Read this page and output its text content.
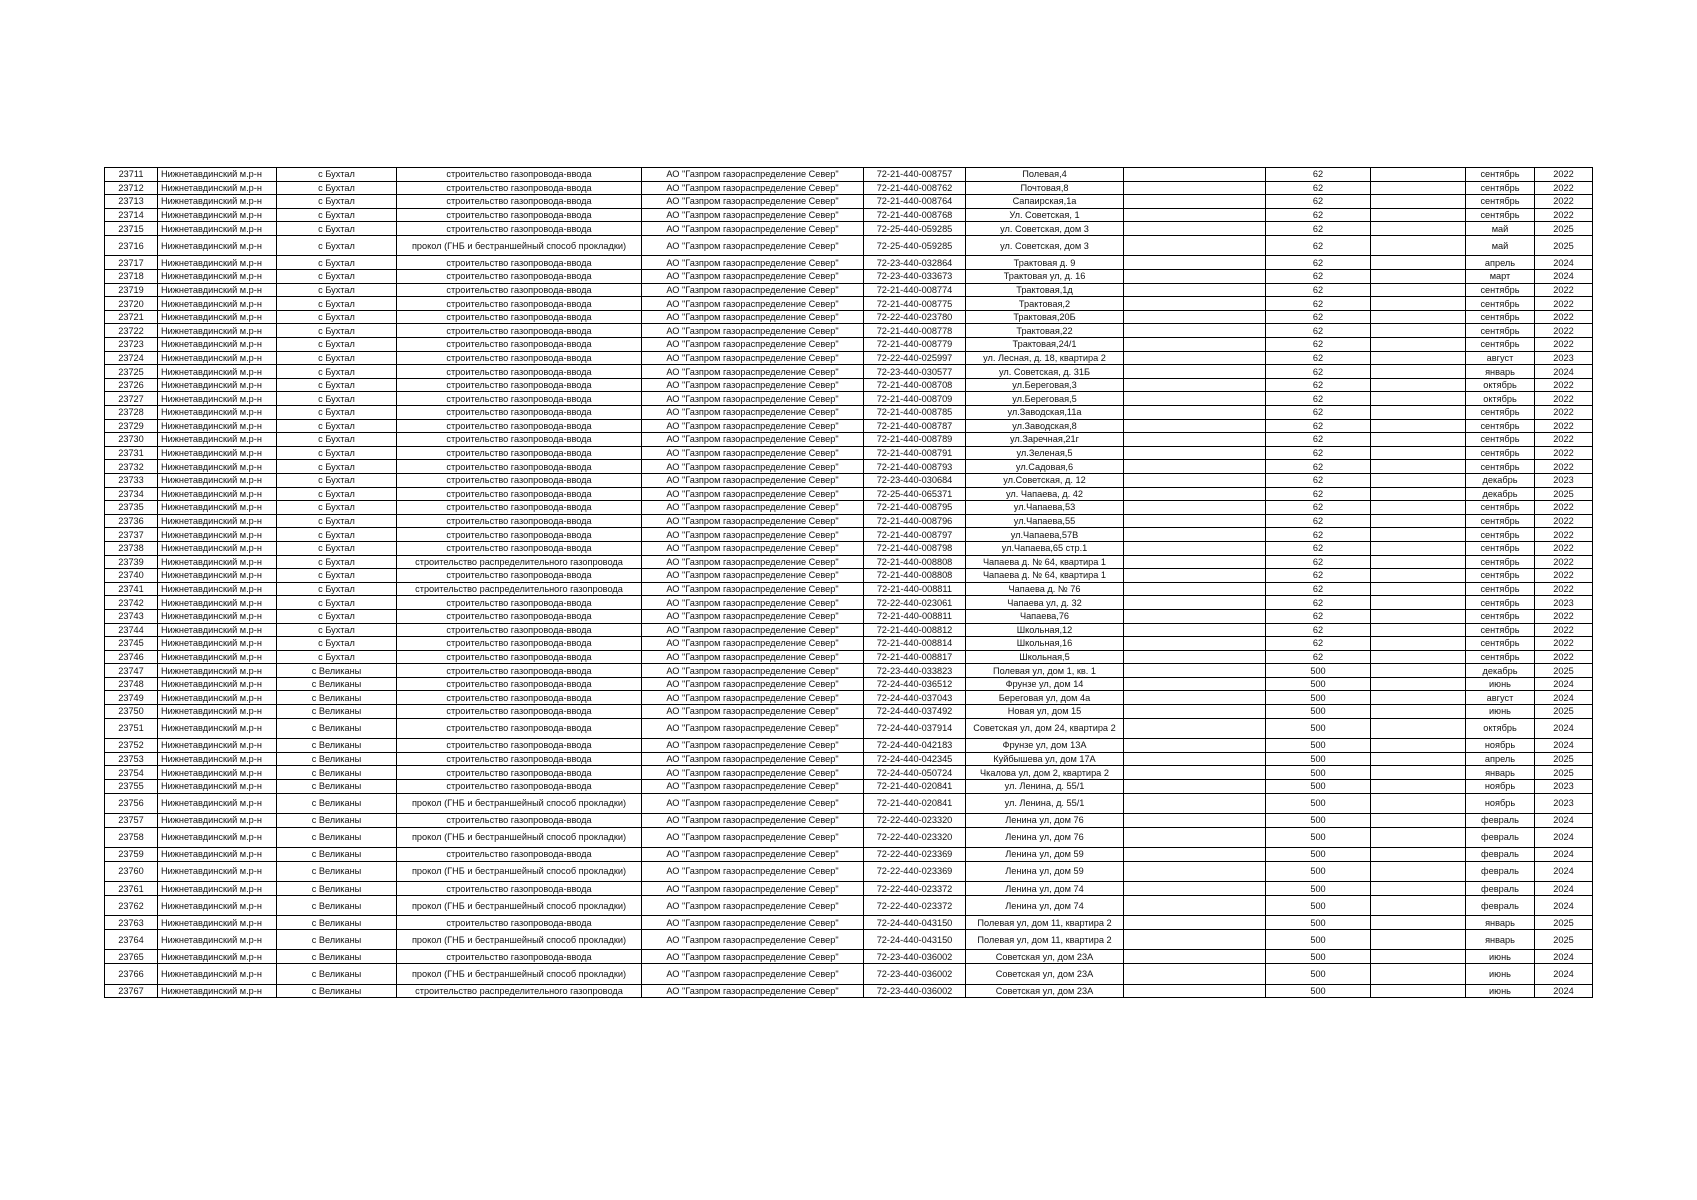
23711	Нижнетавдинский м.р-н	с Бухтал	строительство газопровода-ввода	АО "Газпром газораспределение Север"	72-21-440-008757	Полевая,4		62		сентябрь	2022
23712	Нижнетавдинский м.р-н	с Бухтал	строительство газопровода-ввода	АО "Газпром газораспределение Север"	72-21-440-008762	Почтовая,8		62		сентябрь	2022
23713	Нижнетавдинский м.р-н	с Бухтал	строительство газопровода-ввода	АО "Газпром газораспределение Север"	72-21-440-008764	Сапаирская,1а		62		сентябрь	2022
23714	Нижнетавдинский м.р-н	с Бухтал	строительство газопровода-ввода	АО "Газпром газораспределение Север"	72-21-440-008768	Ул. Советская, 1		62		сентябрь	2022
23715	Нижнетавдинский м.р-н	с Бухтал	строительство газопровода-ввода	АО "Газпром газораспределение Север"	72-25-440-059285	ул. Советская, дом 3		62		май	2025
23716	Нижнетавдинский м.р-н	с Бухтал	прокол (ГНБ и бестраншейный способ прокладки)	АО "Газпром газораспределение Север"	72-25-440-059285	ул. Советская, дом 3		62		май	2025
23717	Нижнетавдинский м.р-н	с Бухтал	строительство газопровода-ввода	АО "Газпром газораспределение Север"	72-23-440-032864	Трактовая д. 9		62		апрель	2024
23718	Нижнетавдинский м.р-н	с Бухтал	строительство газопровода-ввода	АО "Газпром газораспределение Север"	72-23-440-033673	Трактовая ул, д. 16		62		март	2024
23719	Нижнетавдинский м.р-н	с Бухтал	строительство газопровода-ввода	АО "Газпром газораспределение Север"	72-21-440-008774	Трактовая,1д		62		сентябрь	2022
23720	Нижнетавдинский м.р-н	с Бухтал	строительство газопровода-ввода	АО "Газпром газораспределение Север"	72-21-440-008775	Трактовая,2		62		сентябрь	2022
23721	Нижнетавдинский м.р-н	с Бухтал	строительство газопровода-ввода	АО "Газпром газораспределение Север"	72-22-440-023780	Трактовая,20Б		62		сентябрь	2022
23722	Нижнетавдинский м.р-н	с Бухтал	строительство газопровода-ввода	АО "Газпром газораспределение Север"	72-21-440-008778	Трактовая,22		62		сентябрь	2022
23723	Нижнетавдинский м.р-н	с Бухтал	строительство газопровода-ввода	АО "Газпром газораспределение Север"	72-21-440-008779	Трактовая,24/1		62		сентябрь	2022
23724	Нижнетавдинский м.р-н	с Бухтал	строительство газопровода-ввода	АО "Газпром газораспределение Север"	72-22-440-025997	ул. Лесная, д. 18, квартира 2		62		август	2023
23725	Нижнетавдинский м.р-н	с Бухтал	строительство газопровода-ввода	АО "Газпром газораспределение Север"	72-23-440-030577	ул. Советская, д. 31Б		62		январь	2024
23726	Нижнетавдинский м.р-н	с Бухтал	строительство газопровода-ввода	АО "Газпром газораспределение Север"	72-21-440-008708	ул.Береговая,3		62		октябрь	2022
23727	Нижнетавдинский м.р-н	с Бухтал	строительство газопровода-ввода	АО "Газпром газораспределение Север"	72-21-440-008709	ул.Береговая,5		62		октябрь	2022
23728	Нижнетавдинский м.р-н	с Бухтал	строительство газопровода-ввода	АО "Газпром газораспределение Север"	72-21-440-008785	ул.Заводская,11а		62		сентябрь	2022
23729	Нижнетавдинский м.р-н	с Бухтал	строительство газопровода-ввода	АО "Газпром газораспределение Север"	72-21-440-008787	ул.Заводская,8		62		сентябрь	2022
23730	Нижнетавдинский м.р-н	с Бухтал	строительство газопровода-ввода	АО "Газпром газораспределение Север"	72-21-440-008789	ул.Заречная,21г		62		сентябрь	2022
23731	Нижнетавдинский м.р-н	с Бухтал	строительство газопровода-ввода	АО "Газпром газораспределение Север"	72-21-440-008791	ул.Зеленая,5		62		сентябрь	2022
23732	Нижнетавдинский м.р-н	с Бухтал	строительство газопровода-ввода	АО "Газпром газораспределение Север"	72-21-440-008793	ул.Садовая,6		62		сентябрь	2022
23733	Нижнетавдинский м.р-н	с Бухтал	строительство газопровода-ввода	АО "Газпром газораспределение Север"	72-23-440-030684	ул.Советская, д. 12		62		декабрь	2023
23734	Нижнетавдинский м.р-н	с Бухтал	строительство газопровода-ввода	АО "Газпром газораспределение Север"	72-25-440-065371	ул. Чапаева, д. 42		62		декабрь	2025
23735	Нижнетавдинский м.р-н	с Бухтал	строительство газопровода-ввода	АО "Газпром газораспределение Север"	72-21-440-008795	ул.Чапаева,53		62		сентябрь	2022
23736	Нижнетавдинский м.р-н	с Бухтал	строительство газопровода-ввода	АО "Газпром газораспределение Север"	72-21-440-008796	ул.Чапаева,55		62		сентябрь	2022
23737	Нижнетавдинский м.р-н	с Бухтал	строительство газопровода-ввода	АО "Газпром газораспределение Север"	72-21-440-008797	ул.Чапаева,57В		62		сентябрь	2022
23738	Нижнетавдинский м.р-н	с Бухтал	строительство газопровода-ввода	АО "Газпром газораспределение Север"	72-21-440-008798	ул.Чапаева,65 стр.1		62		сентябрь	2022
23739	Нижнетавдинский м.р-н	с Бухтал	строительство распределительного газопровода	АО "Газпром газораспределение Север"	72-21-440-008808	Чапаева д. № 64, квартира 1		62		сентябрь	2022
23740	Нижнетавдинский м.р-н	с Бухтал	строительство газопровода-ввода	АО "Газпром газораспределение Север"	72-21-440-008808	Чапаева д. № 64, квартира 1		62		сентябрь	2022
23741	Нижнетавдинский м.р-н	с Бухтал	строительство распределительного газопровода	АО "Газпром газораспределение Север"	72-21-440-008811	Чапаева д. № 76		62		сентябрь	2022
23742	Нижнетавдинский м.р-н	с Бухтал	строительство газопровода-ввода	АО "Газпром газораспределение Север"	72-22-440-023061	Чапаева ул, д. 32		62		сентябрь	2023
23743	Нижнетавдинский м.р-н	с Бухтал	строительство газопровода-ввода	АО "Газпром газораспределение Север"	72-21-440-008811	Чапаева,76		62		сентябрь	2022
23744	Нижнетавдинский м.р-н	с Бухтал	строительство газопровода-ввода	АО "Газпром газораспределение Север"	72-21-440-008812	Школьная,12		62		сентябрь	2022
23745	Нижнетавдинский м.р-н	с Бухтал	строительство газопровода-ввода	АО "Газпром газораспределение Север"	72-21-440-008814	Школьная,16		62		сентябрь	2022
23746	Нижнетавдинский м.р-н	с Бухтал	строительство газопровода-ввода	АО "Газпром газораспределение Север"	72-21-440-008817	Школьная,5		62		сентябрь	2022
23747	Нижнетавдинский м.р-н	с Великаны	строительство газопровода-ввода	АО "Газпром газораспределение Север"	72-23-440-033823	Полевая ул, дом 1, кв. 1		500		декабрь	2025
23748	Нижнетавдинский м.р-н	с Великаны	строительство газопровода-ввода	АО "Газпром газораспределение Север"	72-24-440-036512	Фрунзе ул, дом 14		500		июнь	2024
23749	Нижнетавдинский м.р-н	с Великаны	строительство газопровода-ввода	АО "Газпром газораспределение Север"	72-24-440-037043	Береговая ул, дом 4а		500		август	2024
23750	Нижнетавдинский м.р-н	с Великаны	строительство газопровода-ввода	АО "Газпром газораспределение Север"	72-24-440-037492	Новая ул, дом 15		500		июнь	2025
23751	Нижнетавдинский м.р-н	с Великаны	строительство газопровода-ввода	АО "Газпром газораспределение Север"	72-24-440-037914	Советская ул, дом 24, квартира 2		500		октябрь	2024
23752	Нижнетавдинский м.р-н	с Великаны	строительство газопровода-ввода	АО "Газпром газораспределение Север"	72-24-440-042183	Фрунзе ул, дом 13А		500		ноябрь	2024
23753	Нижнетавдинский м.р-н	с Великаны	строительство газопровода-ввода	АО "Газпром газораспределение Север"	72-24-440-042345	Куйбышева ул, дом 17А		500		апрель	2025
23754	Нижнетавдинский м.р-н	с Великаны	строительство газопровода-ввода	АО "Газпром газораспределение Север"	72-24-440-050724	Чкалова ул, дом 2, квартира 2		500		январь	2025
23755	Нижнетавдинский м.р-н	с Великаны	строительство газопровода-ввода	АО "Газпром газораспределение Север"	72-21-440-020841	ул. Ленина, д. 55/1		500		ноябрь	2023
23756	Нижнетавдинский м.р-н	с Великаны	прокол (ГНБ и бестраншейный способ прокладки)	АО "Газпром газораспределение Север"	72-21-440-020841	ул. Ленина, д. 55/1		500		ноябрь	2023
23757	Нижнетавдинский м.р-н	с Великаны	строительство газопровода-ввода	АО "Газпром газораспределение Север"	72-22-440-023320	Ленина ул, дом 76		500		февраль	2024
23758	Нижнетавдинский м.р-н	с Великаны	прокол (ГНБ и бестраншейный способ прокладки)	АО "Газпром газораспределение Север"	72-22-440-023320	Ленина ул, дом 76		500		февраль	2024
23759	Нижнетавдинский м.р-н	с Великаны	строительство газопровода-ввода	АО "Газпром газораспределение Север"	72-22-440-023369	Ленина ул, дом 59		500		февраль	2024
23760	Нижнетавдинский м.р-н	с Великаны	прокол (ГНБ и бестраншейный способ прокладки)	АО "Газпром газораспределение Север"	72-22-440-023369	Ленина ул, дом 59		500		февраль	2024
23761	Нижнетавдинский м.р-н	с Великаны	строительство газопровода-ввода	АО "Газпром газораспределение Север"	72-22-440-023372	Ленина ул, дом 74		500		февраль	2024
23762	Нижнетавдинский м.р-н	с Великаны	прокол (ГНБ и бестраншейный способ прокладки)	АО "Газпром газораспределение Север"	72-22-440-023372	Ленина ул, дом 74		500		февраль	2024
23763	Нижнетавдинский м.р-н	с Великаны	строительство газопровода-ввода	АО "Газпром газораспределение Север"	72-24-440-043150	Полевая ул, дом 11, квартира 2		500		январь	2025
23764	Нижнетавдинский м.р-н	с Великаны	прокол (ГНБ и бестраншейный способ прокладки)	АО "Газпром газораспределение Север"	72-24-440-043150	Полевая ул, дом 11, квартира 2		500		январь	2025
23765	Нижнетавдинский м.р-н	с Великаны	строительство газопровода-ввода	АО "Газпром газораспределение Север"	72-23-440-036002	Советская ул, дом 23А		500		июнь	2024
23766	Нижнетавдинский м.р-н	с Великаны	прокол (ГНБ и бестраншейный способ прокладки)	АО "Газпром газораспределение Север"	72-23-440-036002	Советская ул, дом 23А		500		июнь	2024
23767	Нижнетавдинский м.р-н	с Великаны	строительство распределительного газопровода	АО "Газпром газораспределение Север"	72-23-440-036002	Советская ул, дом 23А		500		июнь	2024
